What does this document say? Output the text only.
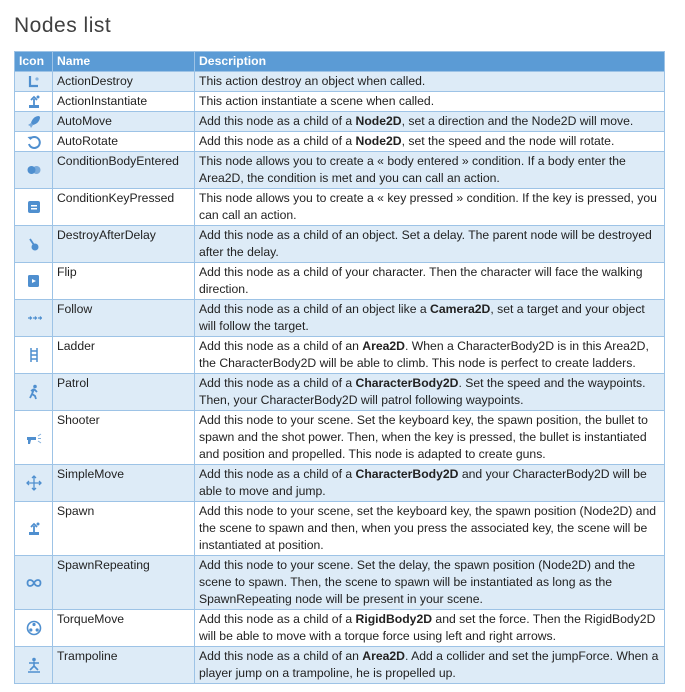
Nodes list
Icon	Name	Description

	ActionDestroy	This action destroy an object when called.

	ActionInstantiate	This action instantiate a scene when called.

	AutoMove	Add this node as a child of a Node2D, set a direction and the Node2D will move.

	AutoRotate	Add this node as a child of a Node2D, set the speed and the node will rotate.

	ConditionBodyEntered	This node allows you to create a « body entered » condition. If a body enter the Area2D, the condition is met and you can call an action.

	ConditionKeyPressed	This node allows you to create a « key pressed » condition. If the key is pressed, you can call an action.

	DestroyAfterDelay	Add this node as a child of an object. Set a delay. The parent node will be destroyed after the delay.

	Flip	Add this node as a child of your character. Then the character will face the walking direction.

	Follow	Add this node as a child of an object like a Camera2D, set a target and your object will follow the target.

	Ladder	Add this node as a child of an Area2D. When a CharacterBody2D is in this Area2D, the CharacterBody2D will be able to climb. This node is perfect to create ladders.

	Patrol	Add this node as a child of a CharacterBody2D. Set the speed and the waypoints. Then, your CharacterBody2D will patrol following waypoints.

	Shooter	Add this node to your scene. Set the keyboard key, the spawn position, the bullet to spawn and the shot power. Then, when the key is pressed, the bullet is instantiated and position and propelled. This node is adapted to create guns.

	SimpleMove	Add this node as a child of a CharacterBody2D and your CharacterBody2D will be able to move and jump.

	Spawn	Add this node to your scene, set the keyboard key, the spawn position (Node2D) and the scene to spawn and then, when you press the associated key, the scene will be instantiated at position.

	SpawnRepeating	Add this node to your scene. Set the delay, the spawn position (Node2D) and the scene to spawn. Then, the scene to spawn will be instantiated as long as the SpawnRepeating node will be present in your scene.

	TorqueMove	Add this node as a child of a RigidBody2D and set the force. Then the RigidBody2D will be able to move with a torque force using left and right arrows.

	Trampoline	Add this node as a child of an Area2D. Add a collider and set the jumpForce. When a player jump on a trampoline, he is propelled up.
